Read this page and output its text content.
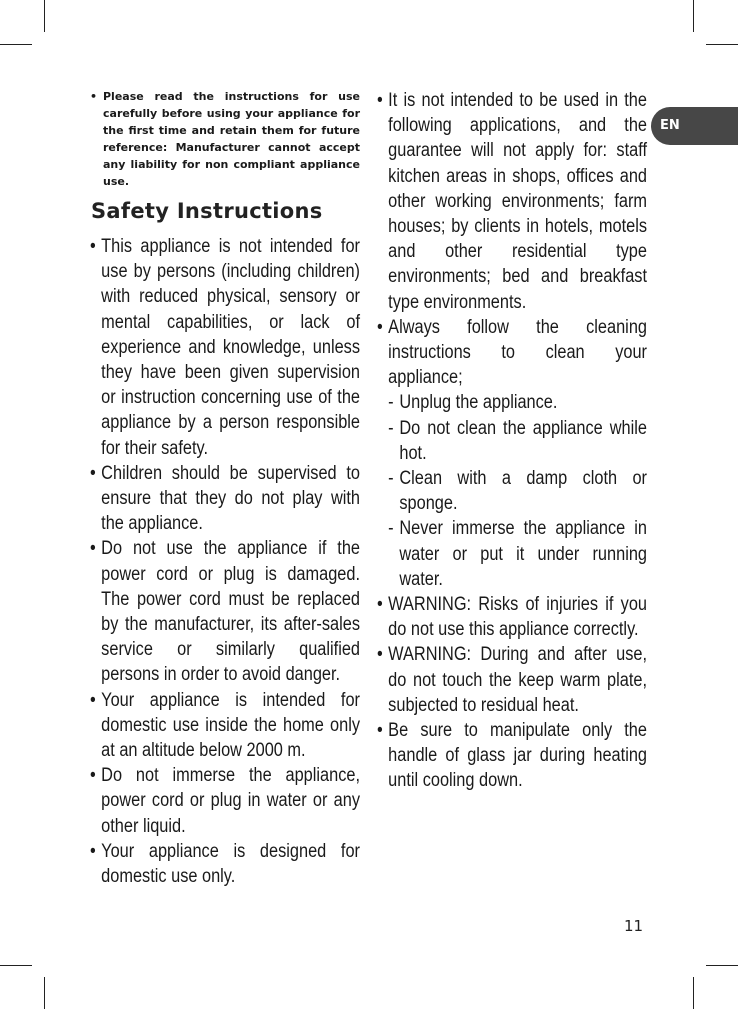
EN

• Please read the instructions for use carefully before using your appliance for the first time and retain them for future reference: Manufacturer cannot accept any liability for non compliant appliance use.

Safety Instructions
• This appliance is not intended for use by persons (including children) with reduced physical, sensory or mental capabilities, or lack of experience and knowledge, unless they have been given supervision or instruction concerning use of the appliance by a person responsible for their safety.
• Children should be supervised to ensure that they do not play with the appliance.
• Do not use the appliance if the power cord or plug is damaged. The power cord must be replaced by the manufacturer, its after-sales service or similarly qualified persons in order to avoid danger.
• Your appliance is intended for domestic use inside the home only at an altitude below 2000 m.
• Do not immerse the appliance, power cord or plug in water or any other liquid.
• Your appliance is designed for domestic use only.
• It is not intended to be used in the following applications, and the guarantee will not apply for: staff kitchen areas in shops, offices and other working environments; farm houses; by clients in hotels, motels and other residential type environments; bed and breakfast type environments.
• Always follow the cleaning instructions to clean your appliance;
- Unplug the appliance.
- Do not clean the appliance while hot.
- Clean with a damp cloth or sponge.
- Never immerse the appliance in water or put it under running water.
• WARNING: Risks of injuries if you do not use this appliance correctly.
• WARNING: During and after use, do not touch the keep warm plate, subjected to residual heat.
• Be sure to manipulate only the handle of glass jar during heating until cooling down.
11
